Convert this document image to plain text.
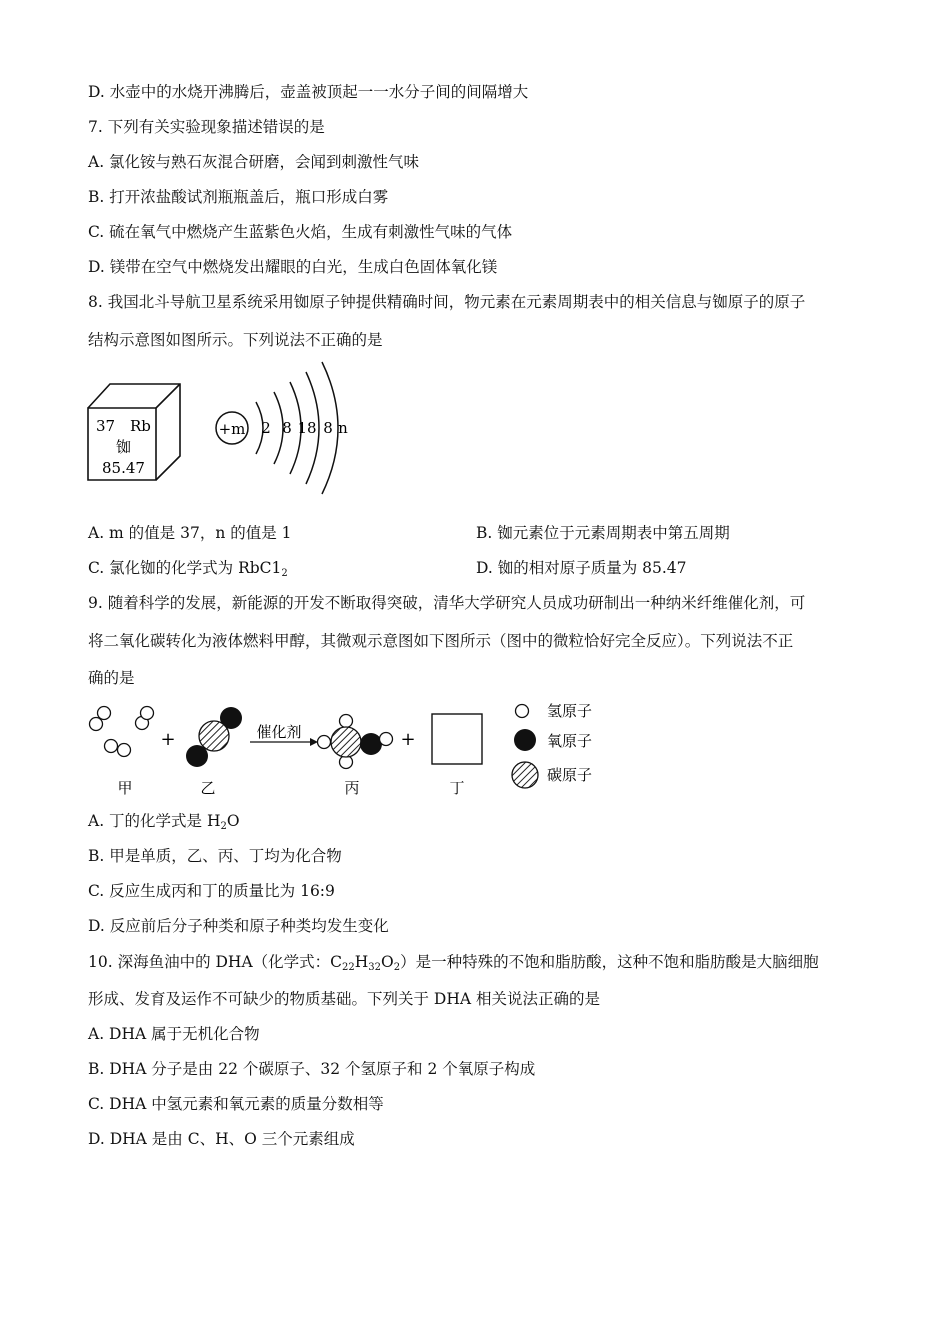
D. 水壶中的水烧开沸腾后，壶盖被顶起一一水分子间的间隔增大
7. 下列有关实验现象描述错误的是
A. 氯化铵与熟石灰混合研磨，会闻到刺激性气味
B. 打开浓盐酸试剂瓶瓶盖后，瓶口形成白雾
C. 硫在氧气中燃烧产生蓝紫色火焰，生成有刺激性气味的气体
D. 镁带在空气中燃烧发出耀眼的白光，生成白色固体氧化镁
8. 我国北斗导航卫星系统采用铷原子钟提供精确时间，物元素在元素周期表中的相关信息与铷原子的原子
结构示意图如图所示。下列说法不正确的是
37 Rb
铷
85.47
+m 2 8 18 8 n
A. m 的值是 37，n 的值是 1	B. 铷元素位于元素周期表中第五周期
C. 氯化铷的化学式为 $RbC1_2$	D. 铷的相对原子质量为 85.47
9. 随着科学的发展，新能源的开发不断取得突破，清华大学研究人员成功研制出一种纳米纤维催化剂，可
将二氧化碳转化为液体燃料甲醇，其微观示意图如下图所示（图中的微粒恰好完全反应）。下列说法不正
确的是
+	催化剂	+
甲	乙	丙	丁
氢原子
氧原子
碳原子
A. 丁的化学式是 $H_2O$
B. 甲是单质，乙、丙、丁均为化合物
C. 反应生成丙和丁的质量比为 16:9
D. 反应前后分子种类和原子种类均发生变化
10. 深海鱼油中的 DHA（化学式：$C_{22}H_{32}O_2$）是一种特殊的不饱和脂肪酸，这种不饱和脂肪酸是大脑细胞
形成、发育及运作不可缺少的物质基础。下列关于 DHA 相关说法正确的是
A. DHA 属于无机化合物
B. DHA 分子是由 22 个碳原子、32 个氢原子和 2 个氧原子构成
C. DHA 中氢元素和氧元素的质量分数相等
D. DHA 是由 C、H、O 三个元素组成
